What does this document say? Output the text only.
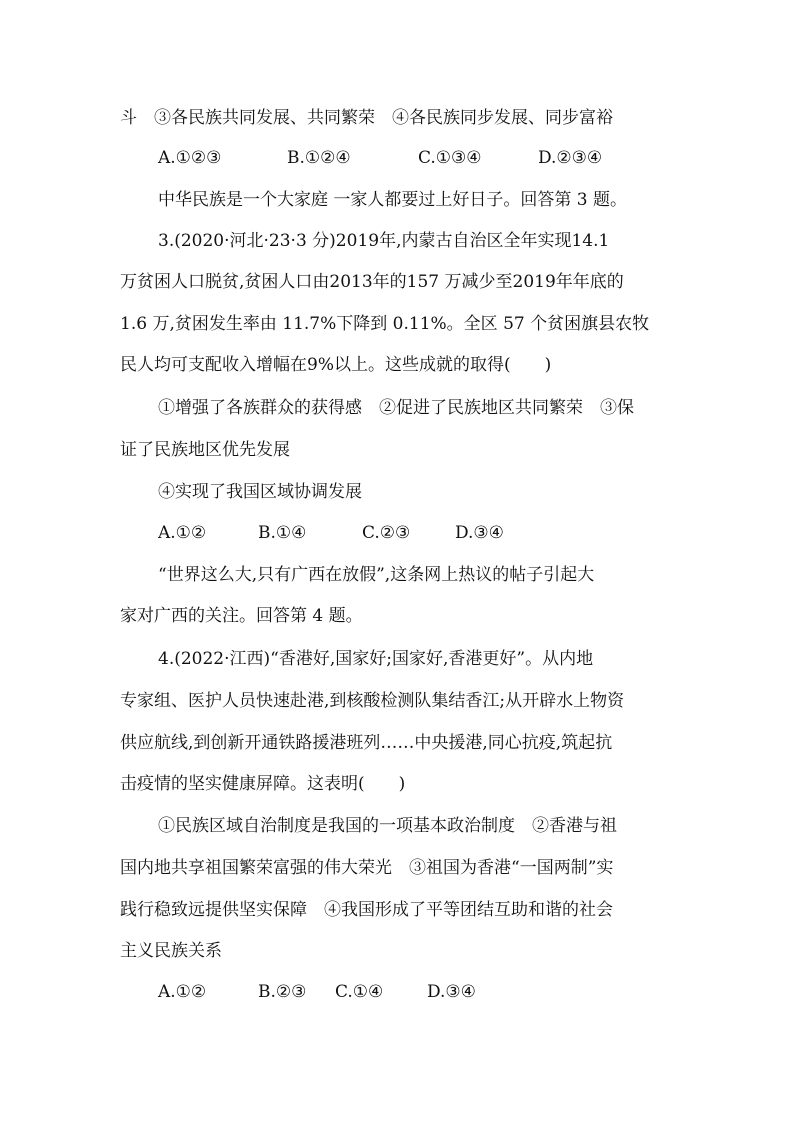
斗　③各民族共同发展、共同繁荣　④各民族同步发展、同步富裕
A.①②③	B.①②④	C.①③④	D.②③④
中华民族是一个大家庭 一家人都要过上好日子。回答第 3 题。
3.(2020·河北·23·3 分)2019年,内蒙古自治区全年实现14.1
万贫困人口脱贫,贫困人口由2013年的157 万减少至2019年年底的
1.6 万,贫困发生率由 11.7%下降到 0.11%。全区 57 个贫困旗县农牧
民人均可支配收入增幅在9%以上。这些成就的取得(　　)
①增强了各族群众的获得感　②促进了民族地区共同繁荣　③保
证了民族地区优先发展
④实现了我国区域协调发展
A.①②	B.①④	C.②③	D.③④
“世界这么大,只有广西在放假”,这条网上热议的帖子引起大
家对广西的关注。回答第 4 题。
4.(2022·江西)“香港好,国家好;国家好,香港更好”。从内地
专家组、医护人员快速赴港,到核酸检测队集结香江;从开辟水上物资
供应航线,到创新开通铁路援港班列……中央援港,同心抗疫,筑起抗
击疫情的坚实健康屏障。这表明(　　)
①民族区域自治制度是我国的一项基本政治制度　②香港与祖
国内地共享祖国繁荣富强的伟大荣光　③祖国为香港“一国两制”实
践行稳致远提供坚实保障　④我国形成了平等团结互助和谐的社会
主义民族关系
A.①②	B.②③ C.①④	D.③④
